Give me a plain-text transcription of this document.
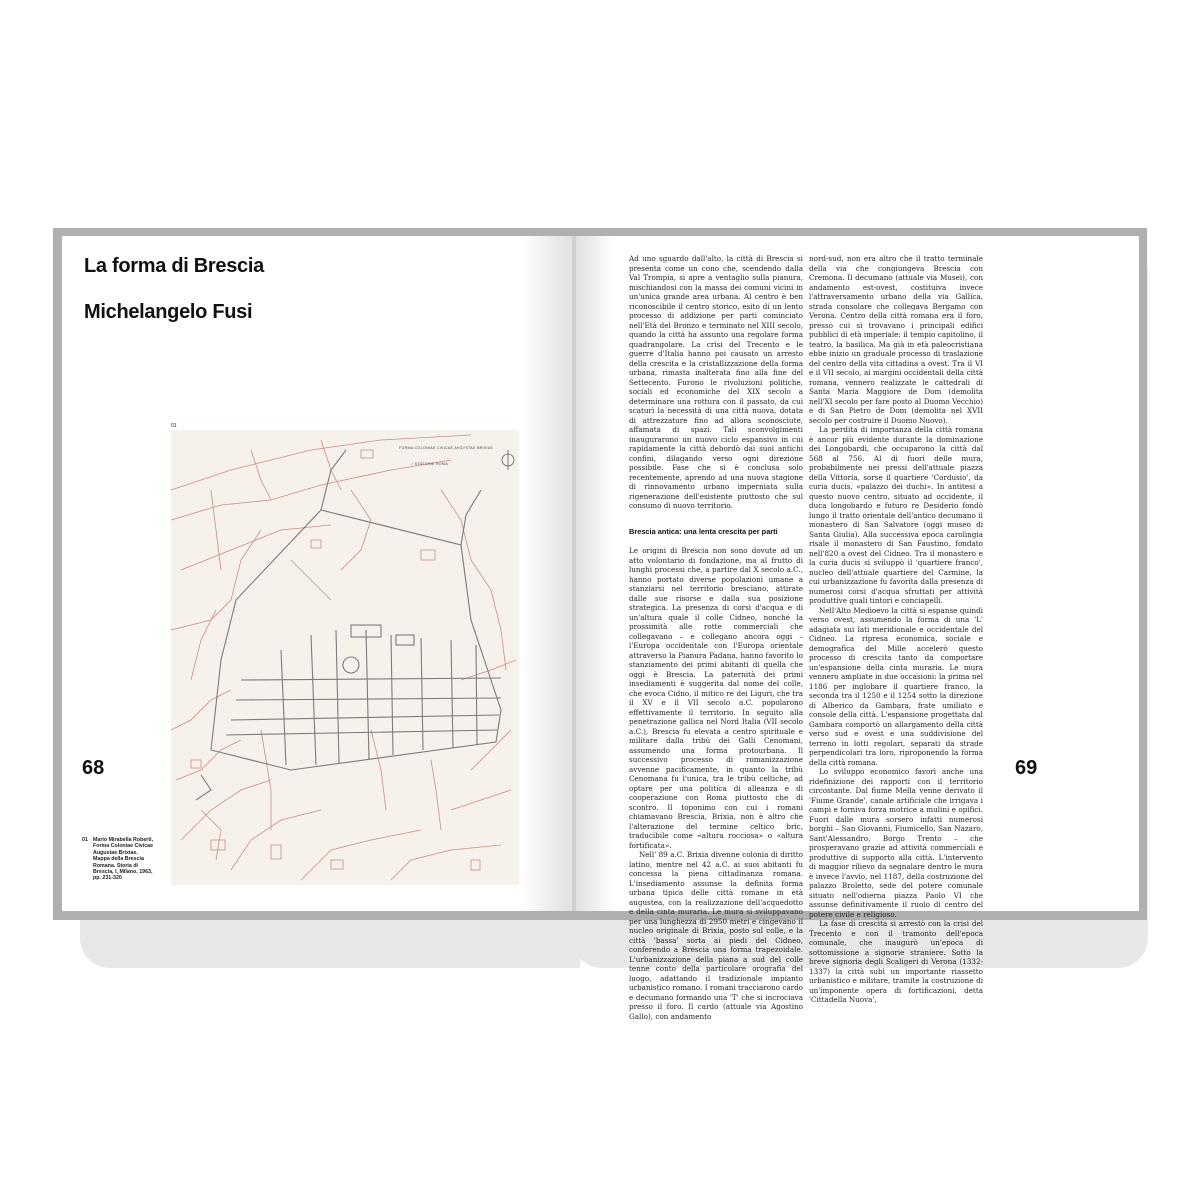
La forma di Brescia
Michelangelo Fusi
01
FORMA COLONIAE CIVICAE AVGVSTAE BRIXIAE
○ STATIONE ROMA
68
01 Mario Mirabella Roberti, Forma Coloniae Civicae Augustae Brixiae. Mappa della Brescia Romana. Storia di Brescia, I, Milano, 1963, pp. 231-320

Ad uno sguardo dall'alto, la città di Brescia si presenta come un cono che, scendendo dalla Val Trompia, si apre a ventaglio sulla pianura, mischiandosi con la massa dei comuni vicini in un'unica grande area urbana. Al centro è ben riconoscibile il centro storico, esito di un lento processo di addizione per parti cominciato nell'Età del Bronzo e terminato nel XIII secolo, quando la città ha assunto una regolare forma quadrangolare. La crisi del Trecento e le guerre d'Italia hanno poi causato un arresto della crescita e la cristallizzazione della forma urbana, rimasta inalterata fino alla fine del Settecento. Furono le rivoluzioni politiche, sociali ed economiche del XIX secolo a determinare una rottura con il passato, da cui scaturì la necessità di una città nuova, dotata di attrezzature fino ad allora sconosciute, affamata di spazi. Tali sconvolgimenti inaugurarono un nuovo ciclo espansivo in cui rapidamente la città debordò dai suoi antichi confini, dilagando verso ogni direzione possibile. Fase che si è conclusa solo recentemente, aprendo ad una nuova stagione di rinnovamento urbano imperniata sulla rigenerazione dell'esistente piuttosto che sul consumo di nuovo territorio.

Brescia antica: una lenta crescita per parti

Le origini di Brescia non sono dovute ad un atto volontario di fondazione, ma al frutto di lunghi processi che, a partire dal X secolo a.C., hanno portato diverse popolazioni umane a stanziarsi nel territorio bresciano, attirate dalle sue risorse e dalla sua posizione strategica. La presenza di corsi d'acqua e di un'altura quale il colle Cidneo, nonché la prossimità alle rotte commerciali che collegavano – e collegano ancora oggi – l'Europa occidentale con l'Europa orientale attraverso la Pianura Padana, hanno favorito lo stanziamento dei primi abitanti di quella che oggi è Brescia. La paternità dei primi insediamenti è suggerita dal nome del colle, che evoca Cidno, il mitico re dei Liguri, che tra il XV e il VII secolo a.C. popolarono effettivamente il territorio. In seguito alla penetrazione gallica nel Nord Italia (VII secolo a.C.), Brescia fu elevata a centro spirituale e militare dalla tribù dei Galli Cenomani, assumendo una forma protourbana. Il successivo processo di romanizzazione avvenne pacificamente, in quanto la tribù Cenomana fu l'unica, tra le tribù celtiche, ad optare per una politica di alleanza e di cooperazione con Roma piuttosto che di scontro. Il toponimo con cui i romani chiamavano Brescia, Brixia, non è altro che l'alterazione del termine celtico bric, traducibile come «altura rocciosa» o «altura fortificata».

Nell' 89 a.C. Brixia divenne colonia di diritto latino, mentre nel 42 a.C. ai suoi abitanti fu concessa la piena cittadinanza romana. L'insediamento assunse la definita forma urbana tipica delle città romane in età augustea, con la realizzazione dell'acquedotto e della cinta muraria. Le mura si sviluppavano per una lunghezza di 2950 metri e cingevano il nucleo originale di Brixia, posto sul colle, e la città 'bassa' sorta ai piedi del Cidneo, conferendo a Brescia una forma trapezoidale. L'urbanizzazione della piana a sud del colle tenne conto della particolare orografia del luogo, adattando il tradizionale impianto urbanistico romano. I romani tracciarono cardo e decumano formando una 'T' che si incrociava presso il foro. Il cardo (attuale via Agostino Gallo), con andamento

nord-sud, non era altro che il tratto terminale della via che congiungeva Brescia con Cremona. Il decumano (attuale via Musei), con andamento est-ovest, costituiva invece l'attraversamento urbano della via Gallica, strada consolare che collegava Bergamo con Verona. Centro della città romana era il foro, presso cui si trovavano i principali edifici pubblici di età imperiale: il tempio capitolino, il teatro, la basilica. Ma già in età paleocristiana ebbe inizio un graduale processo di traslazione del centro della vita cittadina a ovest. Tra il VI e il VII secolo, ai margini occidentali della città romana, vennero realizzate le cattedrali di Santa Maria Maggiore de Dom (demolita nell'XI secolo per fare posto al Duomo Vecchio) e di San Pietro de Dom (demolita nel XVII secolo per costruire il Duomo Nuovo).

La perdita di importanza della città romana è ancor più evidente durante la dominazione dei Longobardi, che occuparono la città dal 568 al 756. Al di fuori delle mura, probabilmente nei pressi dell'attuale piazza della Vittoria, sorse il quartiere 'Cordusio', da curia ducis, «palazzo dei duchi». In antitesi a questo nuovo centro, situato ad occidente, il duca longobardo e futuro re Desiderio fondò lungo il tratto orientale dell'antico decumano il monastero di San Salvatore (oggi museo di Santa Giulia). Alla successiva epoca carolingia risale il monastero di San Faustino, fondato nell'820 a ovest del Cidneo. Tra il monastero e la curia ducis si sviluppò il 'quartiere franco', nucleo dell'attuale quartiere del Carmine, la cui urbanizzazione fu favorita dalla presenza di numerosi corsi d'acqua sfruttati per attività produttive quali tintori e conciapelli.

Nell'Alto Medioevo la città si espanse quindi verso ovest, assumendo la forma di una 'L' adagiata sui lati meridionale e occidentale del Cidneo. La ripresa economica, sociale e demografica del Mille accelerò questo processo di crescita tanto da comportare un'espansione della cinta muraria. Le mura vennero ampliate in due occasioni: la prima nel 1186 per inglobare il quartiere franco, la seconda tra il 1250 e il 1254 sotto la direzione di Alberico da Gambara, frate umiliato e console della città. L'espansione progettata dal Gambara comportò un allargamento della città verso sud e ovest e una suddivisione del terreno in lotti regolari, separati da strade perpendicolari tra loro, riproponendo la forma della città romana.

Lo sviluppo economico favorì anche una ridefinizione dei rapporti con il territorio circostante. Dal fiume Mella venne derivato il 'Fiume Grande', canale artificiale che irrigava i campi e forniva forza motrice a mulini e opifici. Fuori dalle mura sorsero infatti numerosi borghi – San Giovanni, Fiumicello, San Nazaro, Sant'Alessandro, Borgo Trento – che prosperavano grazie ad attività commerciali e produttive di supporto alla città. L'intervento di maggior rilievo da segnalare dentro le mura è invece l'avvio, nel 1187, della costruzione del palazzo Broletto, sede del potere comunale situato nell'odierna piazza Paolo VI che assunse definitivamente il ruolo di centro del potere civile e religioso.

La fase di crescita si arrestò con la crisi del Trecento e con il tramonto dell'epoca comunale, che inaugurò un'epoca di sottomissione a signorie straniere. Sotto la breve signoria degli Scaligeri di Verona (1332-1337) la città subì un importante riassetto urbanistico e militare, tramite la costruzione di un'imponente opera di fortificazioni, detta 'Cittadella Nuova',

69
